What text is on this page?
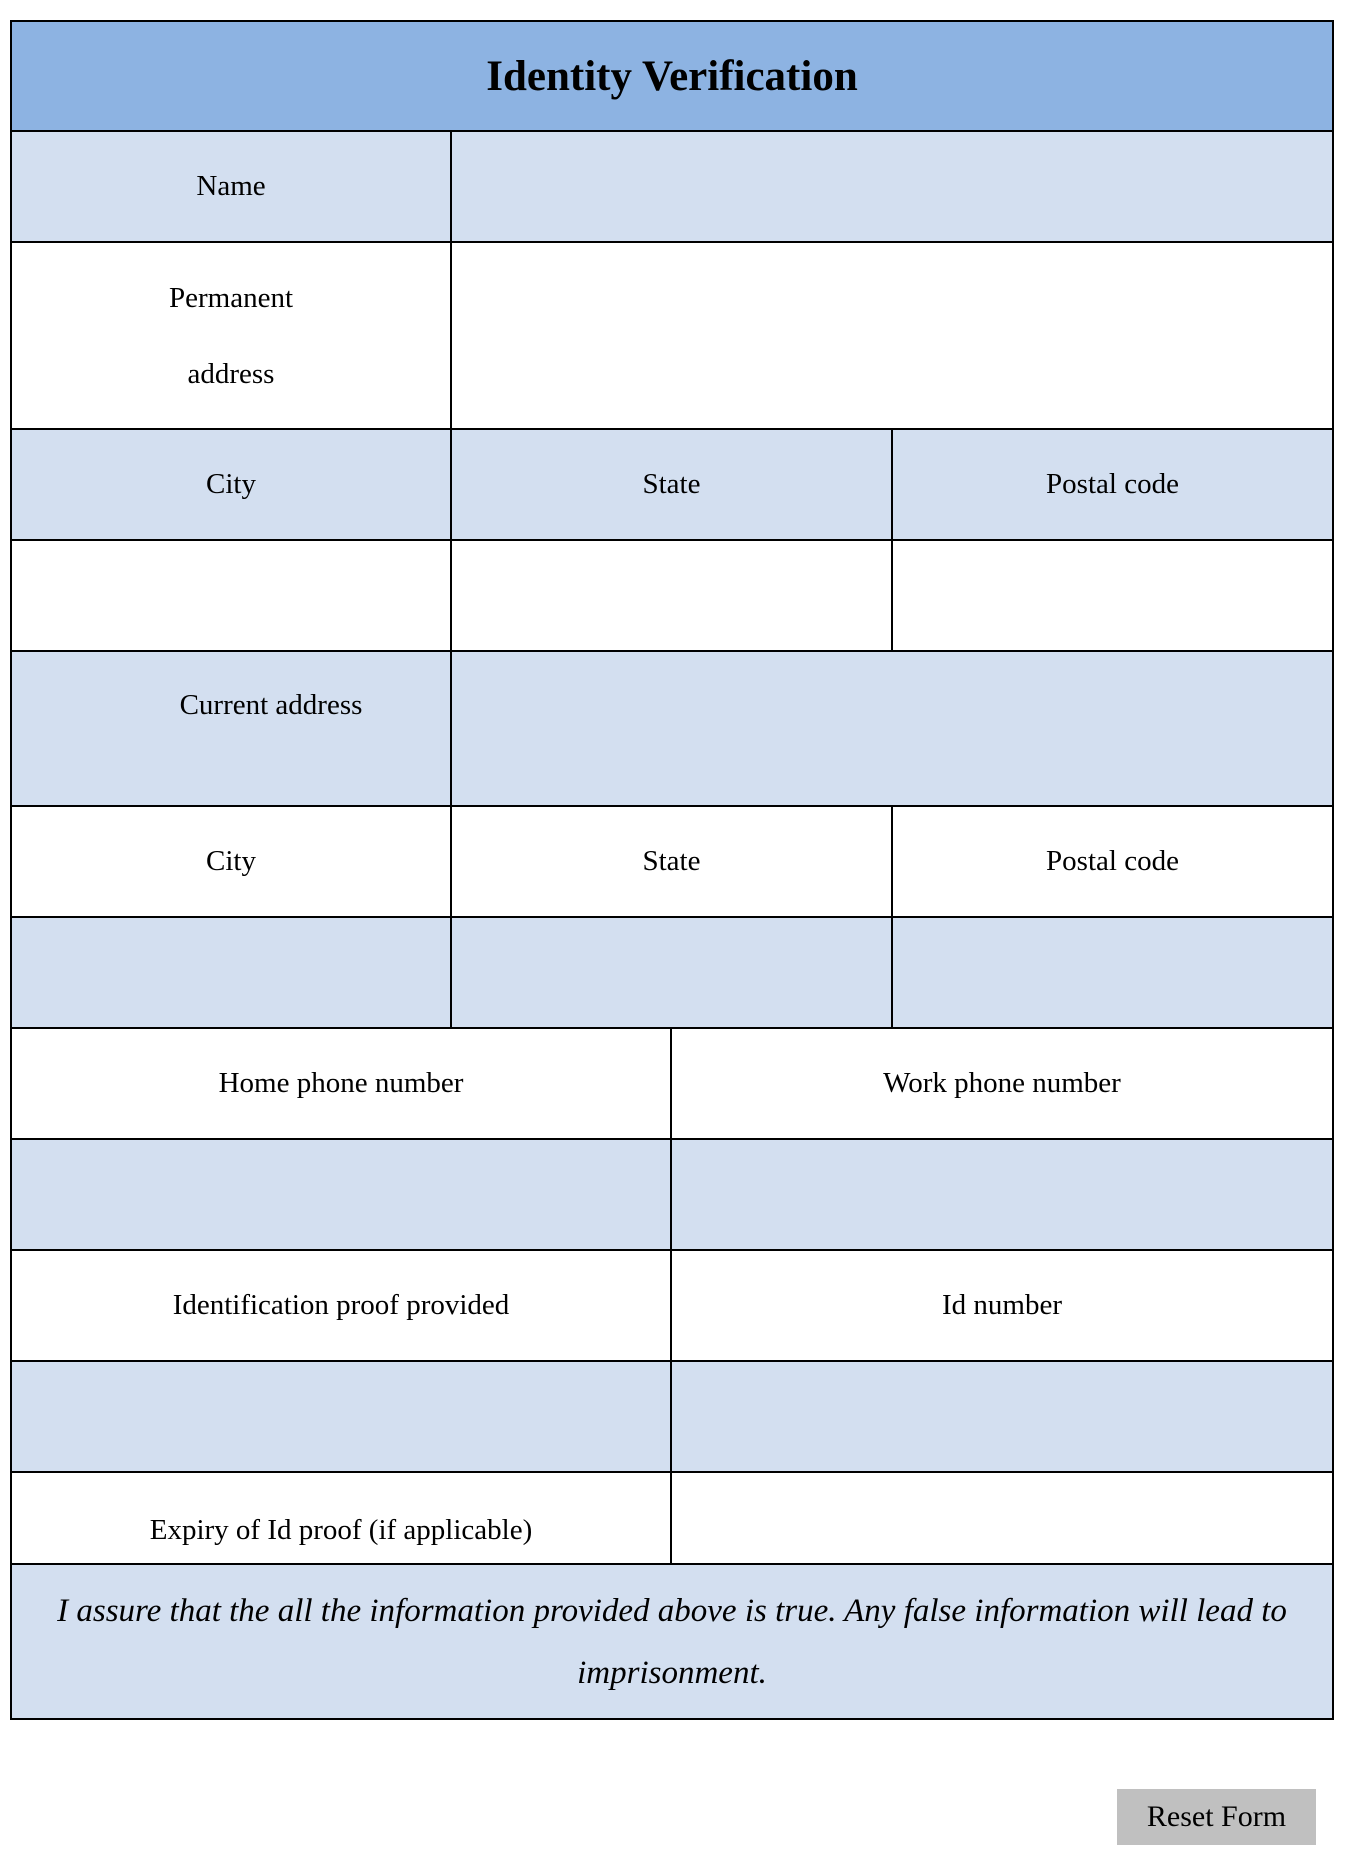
Identity Verification
Name
Permanent
address
City	State	Postal code
Current address
City	State	Postal code
Home phone number	Work phone number
Identification proof provided	Id number
Expiry of Id proof (if applicable)
I assure that the all the information provided above is true. Any false information will lead to imprisonment.
Reset Form
